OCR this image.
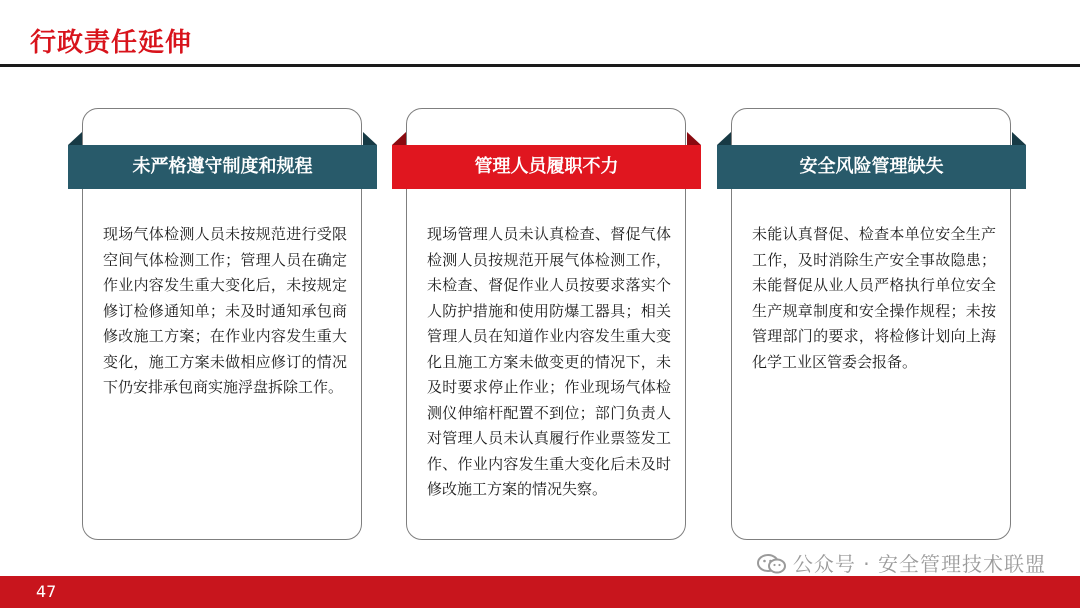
行政责任延伸
未严格遵守制度和规程	管理人员履职不力	安全风险管理缺失
现场气体检测人员未按规范进行受限空间气体检测工作；管理人员在确定作业内容发生重大变化后，未按规定修订检修通知单；未及时通知承包商修改施工方案；在作业内容发生重大变化，施工方案未做相应修订的情况下仍安排承包商实施浮盘拆除工作。
现场管理人员未认真检查、督促气体检测人员按规范开展气体检测工作，未检查、督促作业人员按要求落实个人防护措施和使用防爆工器具；相关管理人员在知道作业内容发生重大变化且施工方案未做变更的情况下，未及时要求停止作业；作业现场气体检测仪伸缩杆配置不到位；部门负责人对管理人员未认真履行作业票签发工作、作业内容发生重大变化后未及时修改施工方案的情况失察。
未能认真督促、检查本单位安全生产工作，及时消除生产安全事故隐患；未能督促从业人员严格执行单位安全生产规章制度和安全操作规程；未按管理部门的要求，将检修计划向上海化学工业区管委会报备。
公众号 · 安全管理技术联盟
47
